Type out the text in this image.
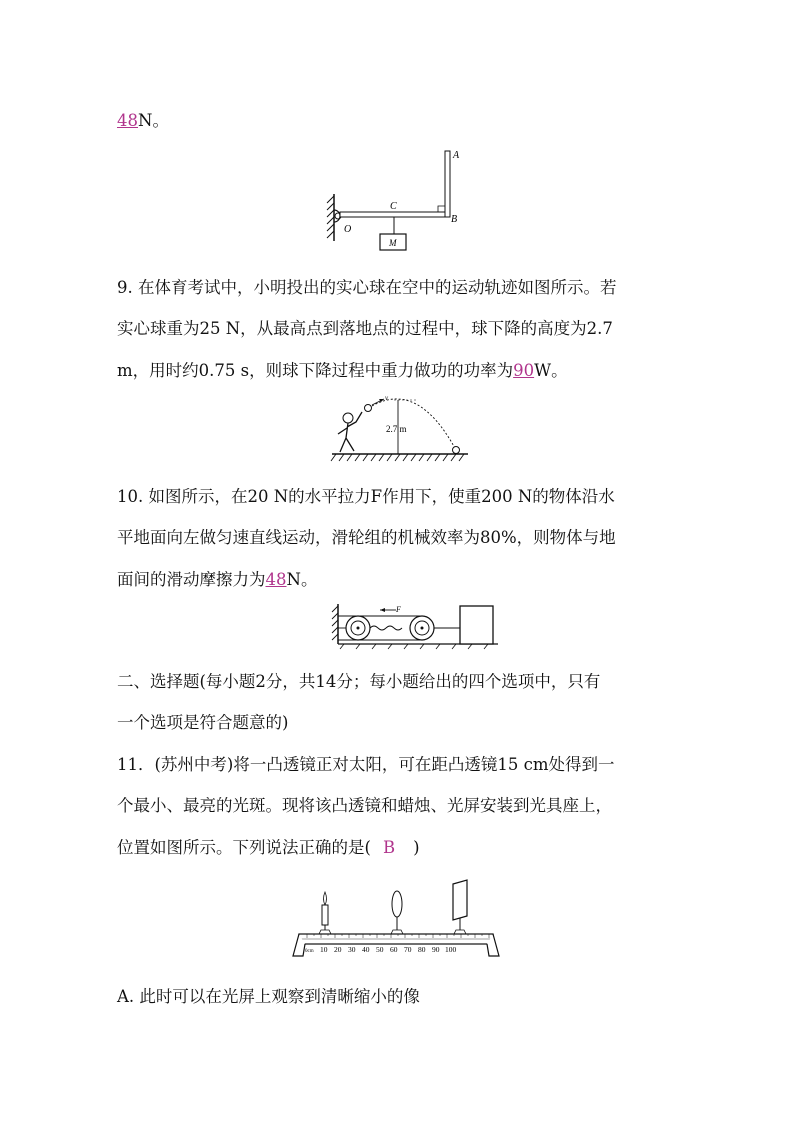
48N。
A
B
C
O
M
9. 在体育考试中，小明投出的实心球在空中的运动轨迹如图所示。若
实心球重为25 N，从最高点到落地点的过程中，球下降的高度为2.7
m，用时约0.75 s，则球下降过程中重力做功的功率为90W。
v
2.7 m
10. 如图所示，在20 N的水平拉力F作用下，使重200 N的物体沿水
平地面向左做匀速直线运动，滑轮组的机械效率为80%，则物体与地
面间的滑动摩擦力为48N。
F
二、选择题(每小题2分，共14分；每小题给出的四个选项中，只有
一个选项是符合题意的)
11．(苏州中考)将一凸透镜正对太阳，可在距凸透镜15 cm处得到一
个最小、最亮的光斑。现将该凸透镜和蜡烛、光屏安装到光具座上，
位置如图所示。下列说法正确的是( B )
0cm 10 20 30 40 50 60 70 80 90 100
A. 此时可以在光屏上观察到清晰缩小的像
